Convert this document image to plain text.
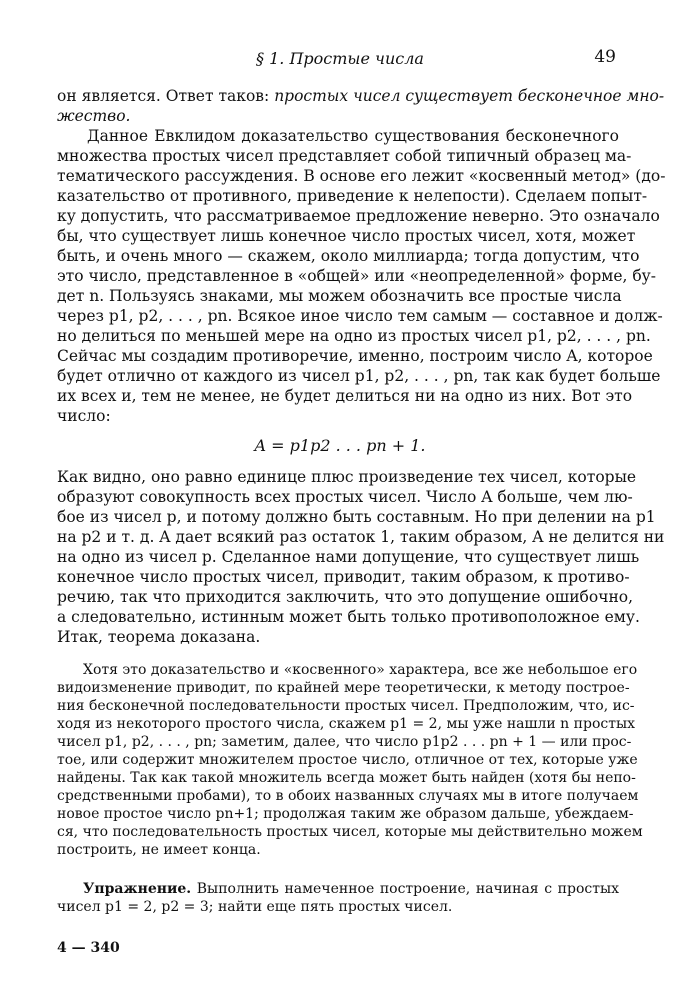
§ 1. Простые числа	49
он является. Ответ таков: простых чисел существует бесконечное мно-
жество.
Данное Евклидом доказательство существования бесконечного
множества простых чисел представляет собой типичный образец ма-
тематического рассуждения. В основе его лежит «косвенный метод» (до-
казательство от противного, приведение к нелепости). Сделаем попыт-
ку допустить, что рассматриваемое предложение неверно. Это означало
бы, что существует лишь конечное число простых чисел, хотя, может
быть, и очень много — скажем, около миллиарда; тогда допустим, что
это число, представленное в «общей» или «неопределенной» форме, бу-
дет n. Пользуясь знаками, мы можем обозначить все простые числа
через p1, p2, . . . , pn. Всякое иное число тем самым — составное и долж-
но делиться по меньшей мере на одно из простых чисел p1, p2, . . . , pn.
Сейчас мы создадим противоречие, именно, построим число A, которое
будет отлично от каждого из чисел p1, p2, . . . , pn, так как будет больше
их всех и, тем не менее, не будет делиться ни на одно из них. Вот это
число:
A = p1p2 . . . pn + 1.
Как видно, оно равно единице плюс произведение тех чисел, которые
образуют совокупность всех простых чисел. Число A больше, чем лю-
бое из чисел p, и потому должно быть составным. Но при делении на p1
на p2 и т. д. A дает всякий раз остаток 1, таким образом, A не делится ни
на одно из чисел p. Сделанное нами допущение, что существует лишь
конечное число простых чисел, приводит, таким образом, к противо-
речию, так что приходится заключить, что это допущение ошибочно,
а следовательно, истинным может быть только противоположное ему.
Итак, теорема доказана.
Хотя это доказательство и «косвенного» характера, все же небольшое его
видоизменение приводит, по крайней мере теоретически, к методу построе-
ния бесконечной последовательности простых чисел. Предположим, что, ис-
ходя из некоторого простого числа, скажем p1 = 2, мы уже нашли n простых
чисел p1, p2, . . . , pn; заметим, далее, что число p1p2 . . . pn + 1 — или прос-
тое, или содержит множителем простое число, отличное от тех, которые уже
найдены. Так как такой множитель всегда может быть найден (хотя бы непо-
средственными пробами), то в обоих названных случаях мы в итоге получаем
новое простое число pn+1; продолжая таким же образом дальше, убеждаем-
ся, что последовательность простых чисел, которые мы действительно можем
построить, не имеет конца.
Упражнение. Выполнить намеченное построение, начиная с простых
чисел p1 = 2, p2 = 3; найти еще пять простых чисел.
4 — 340
